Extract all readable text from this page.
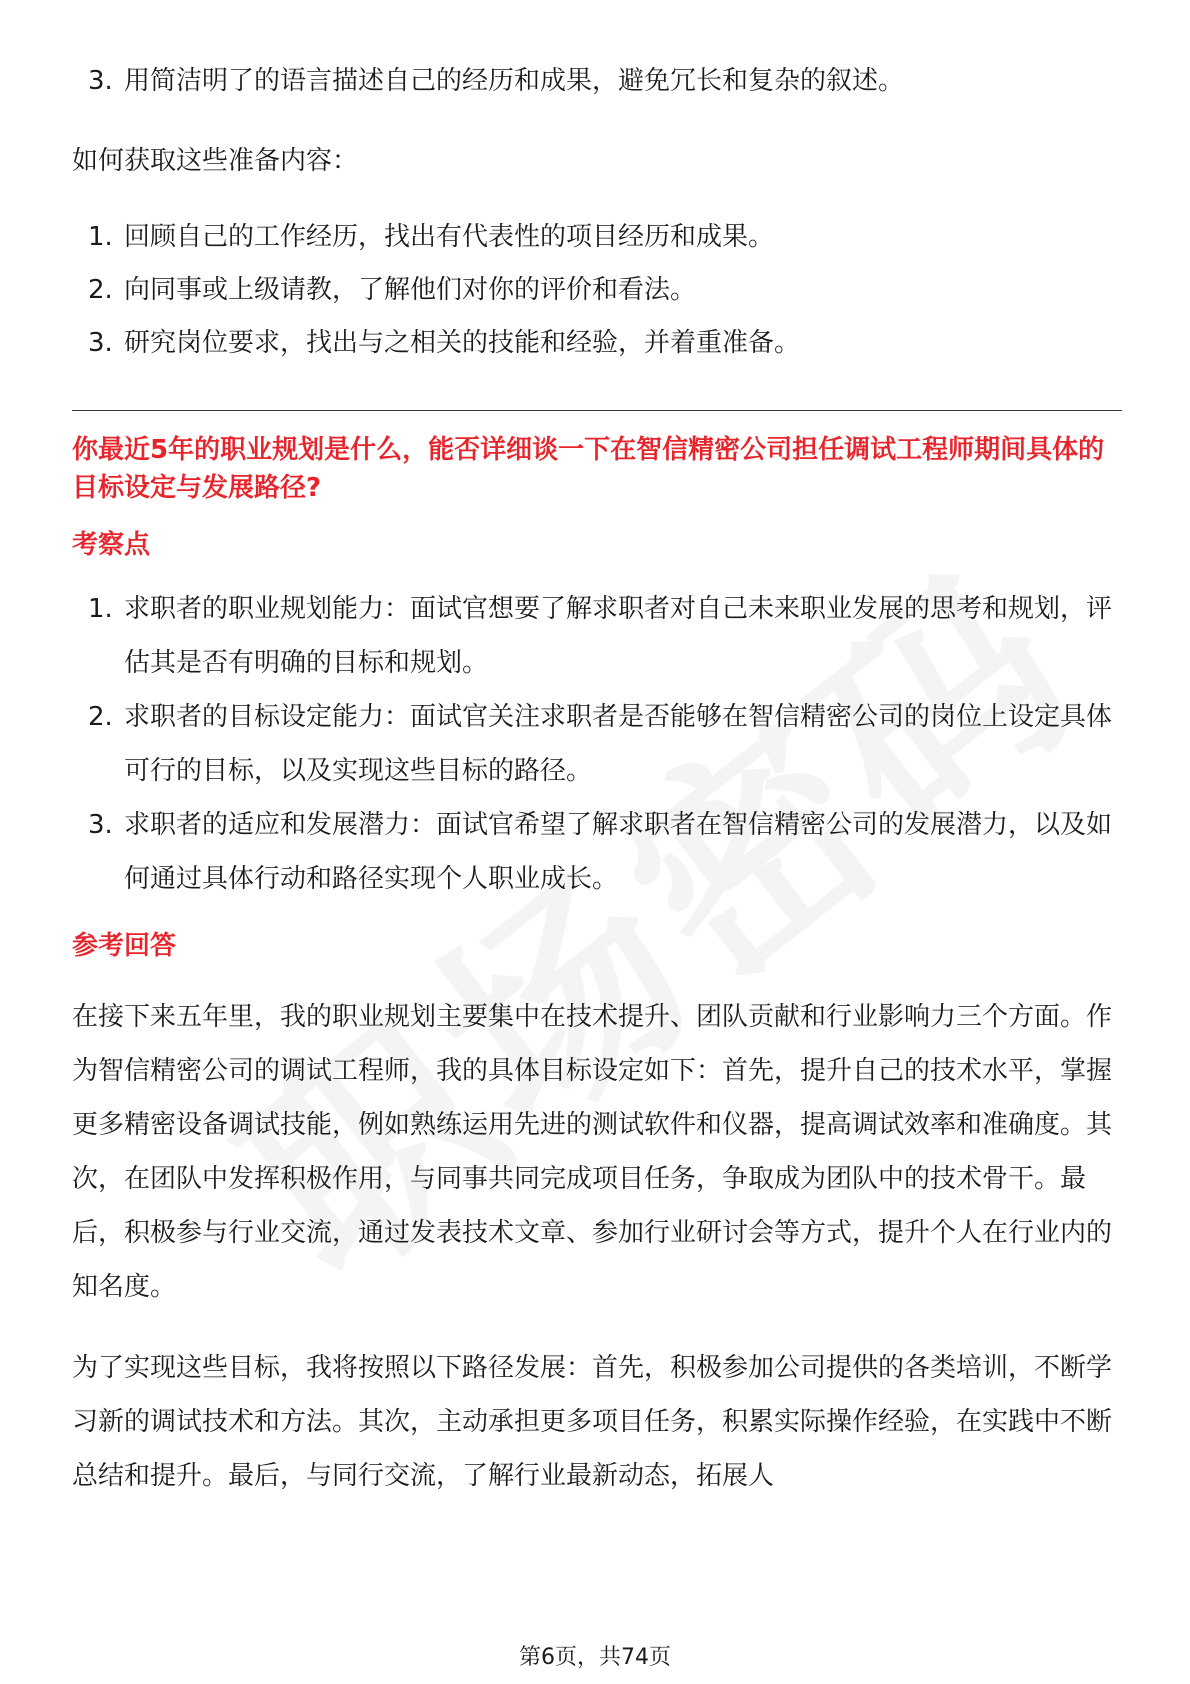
3. 用简洁明了的语言描述自己的经历和成果，避免冗长和复杂的叙述。
如何获取这些准备内容：
1. 回顾自己的工作经历，找出有代表性的项目经历和成果。
2. 向同事或上级请教，了解他们对你的评价和看法。
3. 研究岗位要求，找出与之相关的技能和经验，并着重准备。
你最近5年的职业规划是什么，能否详细谈一下在智信精密公司担任调试工程师期间具体的目标设定与发展路径?
考察点
1. 求职者的职业规划能力：面试官想要了解求职者对自己未来职业发展的思考和规划，评估其是否有明确的目标和规划。
2. 求职者的目标设定能力：面试官关注求职者是否能够在智信精密公司的岗位上设定具体可行的目标，以及实现这些目标的路径。
3. 求职者的适应和发展潜力：面试官希望了解求职者在智信精密公司的发展潜力，以及如何通过具体行动和路径实现个人职业成长。
参考回答
在接下来五年里，我的职业规划主要集中在技术提升、团队贡献和行业影响力三个方面。作为智信精密公司的调试工程师，我的具体目标设定如下：首先，提升自己的技术水平，掌握更多精密设备调试技能，例如熟练运用先进的测试软件和仪器，提高调试效率和准确度。其次，在团队中发挥积极作用，与同事共同完成项目任务，争取成为团队中的技术骨干。最后，积极参与行业交流，通过发表技术文章、参加行业研讨会等方式，提升个人在行业内的知名度。
为了实现这些目标，我将按照以下路径发展：首先，积极参加公司提供的各类培训，不断学习新的调试技术和方法。其次，主动承担更多项目任务，积累实际操作经验，在实践中不断总结和提升。最后，与同行交流，了解行业最新动态，拓展人
第6页，共74页
